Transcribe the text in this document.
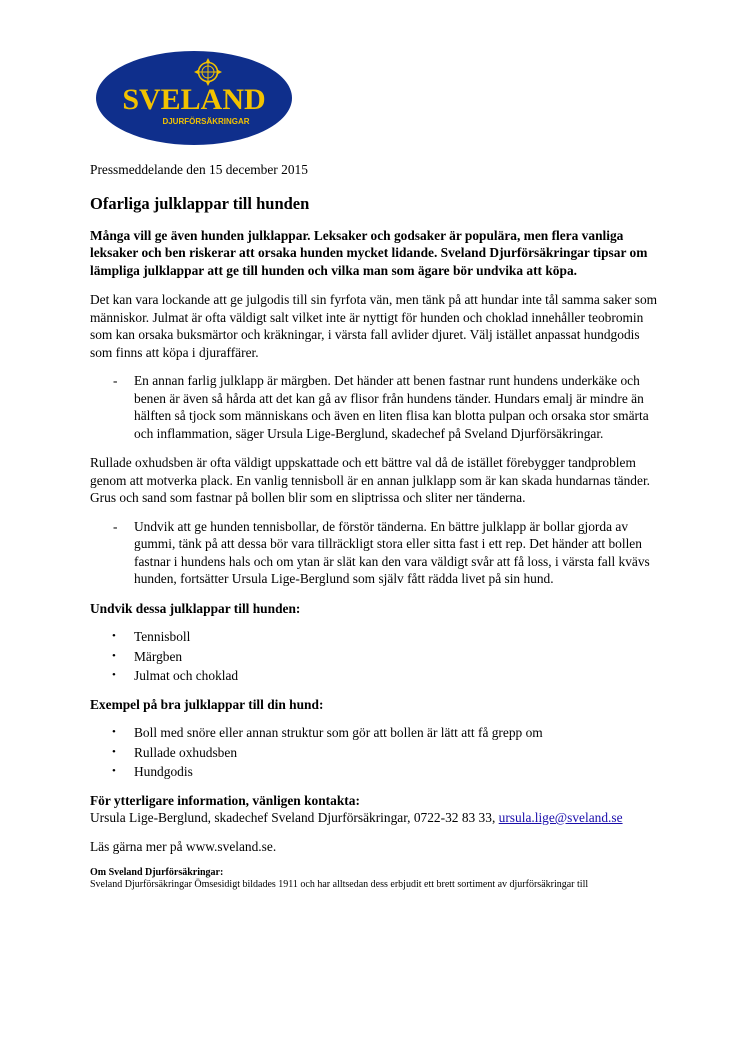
SVELAND
DJURFÖRSÄKRINGAR

Pressmeddelande den 15 december 2015

Ofarliga julklappar till hunden

Många vill ge även hunden julklappar. Leksaker och godsaker är populära, men flera vanliga leksaker och ben riskerar att orsaka hunden mycket lidande. Sveland Djurförsäkringar tipsar om lämpliga julklappar att ge till hunden och vilka man som ägare bör undvika att köpa.

Det kan vara lockande att ge julgodis till sin fyrfota vän, men tänk på att hundar inte tål samma saker som människor. Julmat är ofta väldigt salt vilket inte är nyttigt för hunden och choklad innehåller teobromin som kan orsaka buksmärtor och kräkningar, i värsta fall avlider djuret. Välj istället anpassat hundgodis som finns att köpa i djuraffärer.

- En annan farlig julklapp är märgben. Det händer att benen fastnar runt hundens underkäke och benen är även så hårda att det kan gå av flisor från hundens tänder. Hundars emalj är mindre än hälften så tjock som människans och även en liten flisa kan blotta pulpan och orsaka stor smärta och inflammation, säger Ursula Lige-Berglund, skadechef på Sveland Djurförsäkringar.

Rullade oxhudsben är ofta väldigt uppskattade och ett bättre val då de istället förebygger tandproblem genom att motverka plack. En vanlig tennisboll är en annan julklapp som är kan skada hundarnas tänder. Grus och sand som fastnar på bollen blir som en sliptrissa och sliter ner tänderna.

- Undvik att ge hunden tennisbollar, de förstör tänderna. En bättre julklapp är bollar gjorda av gummi, tänk på att dessa bör vara tillräckligt stora eller sitta fast i ett rep. Det händer att bollen fastnar i hundens hals och om ytan är slät kan den vara väldigt svår att få loss, i värsta fall kvävs hunden, fortsätter Ursula Lige-Berglund som själv fått rädda livet på sin hund.

Undvik dessa julklappar till hunden:

• Tennisboll
• Märgben
• Julmat och choklad

Exempel på bra julklappar till din hund:

• Boll med snöre eller annan struktur som gör att bollen är lätt att få grepp om
• Rullade oxhudsben
• Hundgodis

För ytterligare information, vänligen kontakta:

Ursula Lige-Berglund, skadechef Sveland Djurförsäkringar, 0722-32 83 33, ursula.lige@sveland.se

Läs gärna mer på www.sveland.se.

Om Sveland Djurförsäkringar:

Sveland Djurförsäkringar Ömsesidigt bildades 1911 och har alltsedan dess erbjudit ett brett sortiment av djurförsäkringar till
